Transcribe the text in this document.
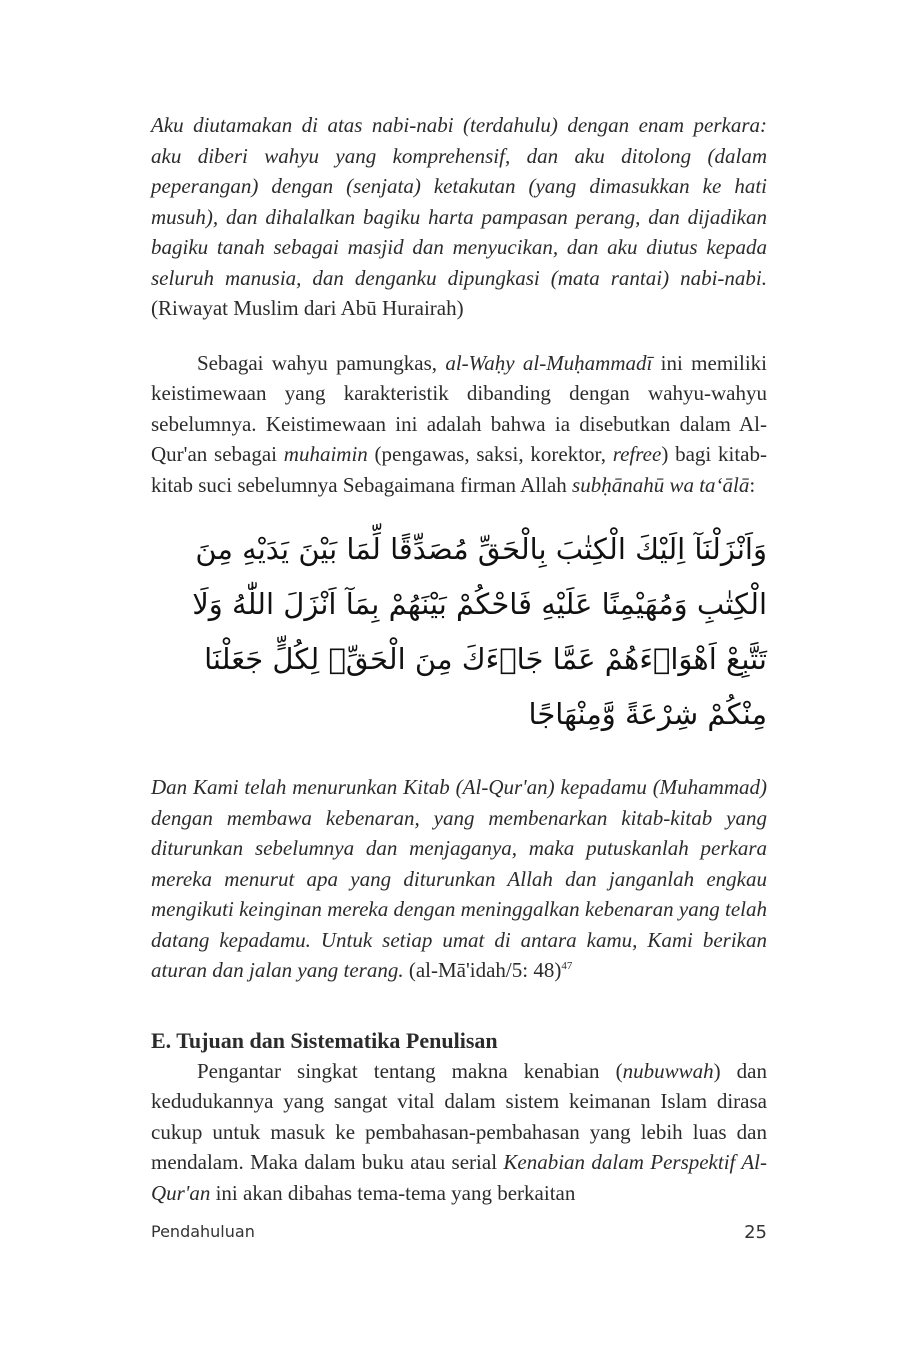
Aku diutamakan di atas nabi-nabi (terdahulu) dengan enam perkara: aku diberi wahyu yang komprehensif, dan aku ditolong (dalam peperangan) dengan (senjata) ketakutan (yang dimasukkan ke hati musuh), dan dihalalkan bagiku harta pampasan perang, dan dijadikan bagiku tanah sebagai masjid dan menyucikan, dan aku diutus kepada seluruh manusia, dan denganku dipungkasi (mata rantai) nabi-nabi. (Riwayat Muslim dari Abū Hurairah)

Sebagai wahyu pamungkas, al-Waḥy al-Muḥammadī ini memiliki keistimewaan yang karakteristik dibanding dengan wahyu-wahyu sebelumnya. Keistimewaan ini adalah bahwa ia disebutkan dalam Al-Qur'an sebagai muhaimin (pengawas, saksi, korektor, refree) bagi kitab-kitab suci sebelumnya Sebagaimana firman Allah subḥānahū wa ta‘ālā:

وَاَنْزَلْنَآ اِلَيْكَ الْكِتٰبَ بِالْحَقِّ مُصَدِّقًا لِّمَا بَيْنَ يَدَيْهِ مِنَ الْكِتٰبِ وَمُهَيْمِنًا عَلَيْهِ فَاحْكُمْ بَيْنَهُمْ بِمَآ اَنْزَلَ اللّٰهُ وَلَا تَتَّبِعْ اَهْوَاۤءَهُمْ عَمَّا جَاۤءَكَ مِنَ الْحَقِّۗ لِكُلٍّ جَعَلْنَا مِنْكُمْ شِرْعَةً وَّمِنْهَاجًا

Dan Kami telah menurunkan Kitab (Al-Qur'an) kepadamu (Muhammad) dengan membawa kebenaran, yang membenarkan kitab-kitab yang diturunkan sebelumnya dan menjaganya, maka putuskanlah perkara mereka menurut apa yang diturunkan Allah dan janganlah engkau mengikuti keinginan mereka dengan meninggalkan kebenaran yang telah datang kepadamu. Untuk setiap umat di antara kamu, Kami berikan aturan dan jalan yang terang. (al-Mā'idah/5: 48)$^{47}$

E. Tujuan dan Sistematika Penulisan

Pengantar singkat tentang makna kenabian (nubuwwah) dan kedudukannya yang sangat vital dalam sistem keimanan Islam dirasa cukup untuk masuk ke pembahasan-pembahasan yang lebih luas dan mendalam. Maka dalam buku atau serial Kenabian dalam Perspektif Al-Qur'an ini akan dibahas tema-tema yang berkaitan

Pendahuluan	25
